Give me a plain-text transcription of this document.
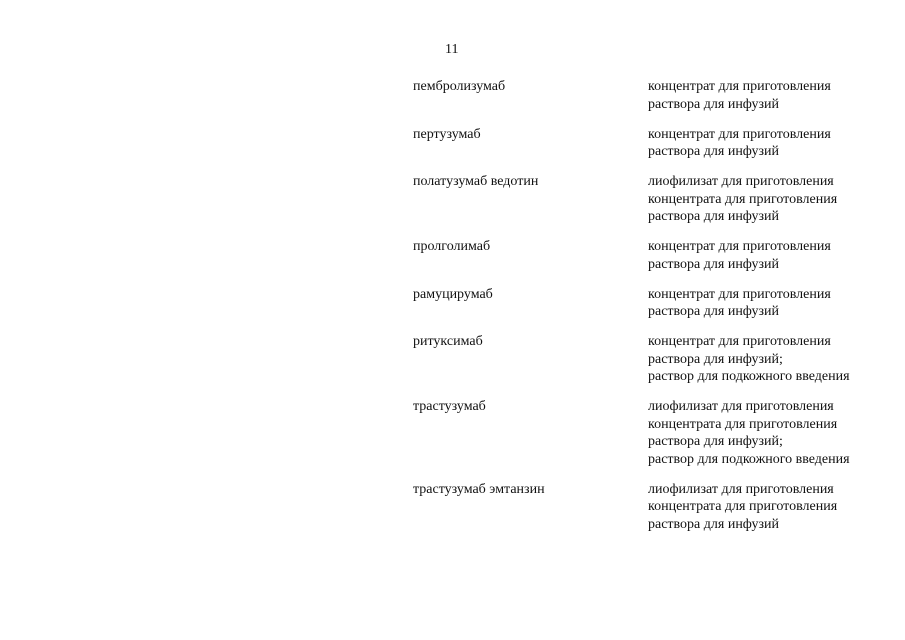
11
пембролизумаб	концентрат для приготовления
раствора для инфузий
пертузумаб	концентрат для приготовления
раствора для инфузий
полатузумаб ведотин	лиофилизат для приготовления
концентрата для приготовления
раствора для инфузий
пролголимаб	концентрат для приготовления
раствора для инфузий
рамуцирумаб	концентрат для приготовления
раствора для инфузий
ритуксимаб	концентрат для приготовления
раствора для инфузий;
раствор для подкожного введения
трастузумаб	лиофилизат для приготовления
концентрата для приготовления
раствора для инфузий;
раствор для подкожного введения
трастузумаб эмтанзин	лиофилизат для приготовления
концентрата для приготовления
раствора для инфузий
